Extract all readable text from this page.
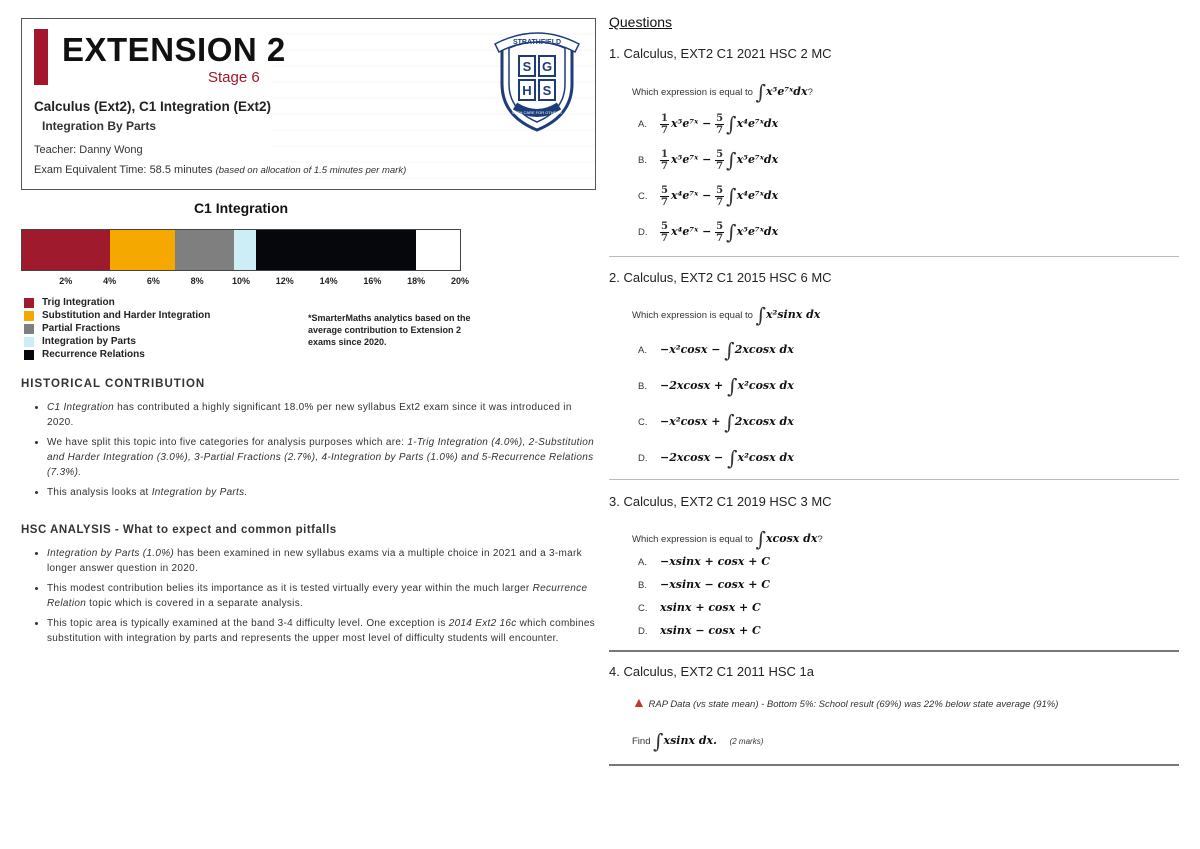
EXTENSION 2
Stage 6
Calculus (Ext2), C1 Integration (Ext2)
Integration By Parts
Teacher: Danny Wong
Exam Equivalent Time: 58.5 minutes (based on allocation of 1.5 minutes per mark)
STRATHFIELD
S G
H S
WITH CARE FOR OTHERS
C1 Integration
2%	4%	6%	8%	10%	12%	14%	16%	18%	20%
Trig Integration
Substitution and Harder Integration
Partial Fractions
Integration by Parts
Recurrence Relations
*SmarterMaths analytics based on the average contribution to Extension 2 exams since 2020.
HISTORICAL CONTRIBUTION
• C1 Integration has contributed a highly significant 18.0% per new syllabus Ext2 exam since it was introduced in 2020.
• We have split this topic into five categories for analysis purposes which are: 1-Trig Integration (4.0%), 2-Substitution and Harder Integration (3.0%), 3-Partial Fractions (2.7%), 4-Integration by Parts (1.0%) and 5-Recurrence Relations (7.3%).
• This analysis looks at Integration by Parts.
HSC ANALYSIS - What to expect and common pitfalls
• Integration by Parts (1.0%) has been examined in new syllabus exams via a multiple choice in 2021 and a 3-mark longer answer question in 2020.
• This modest contribution belies its importance as it is tested virtually every year within the much larger Recurrence Relation topic which is covered in a separate analysis.
• This topic area is typically examined at the band 3-4 difficulty level. One exception is 2014 Ext2 16c which combines substitution with integration by parts and represents the upper most level of difficulty students will encounter.
Questions
1. Calculus, EXT2 C1 2021 HSC 2 MC
Which expression is equal to ∫x⁵e⁷ˣdx?
A. $\frac{1}{7}$ x⁵e⁷ˣ − $\frac{5}{7}$ ∫x⁴e⁷ˣdx
B. $\frac{1}{7}$ x⁵e⁷ˣ − $\frac{5}{7}$ ∫x⁵e⁷ˣdx
C. $\frac{5}{7}$ x⁴e⁷ˣ − $\frac{5}{7}$ ∫x⁴e⁷ˣdx
D. $\frac{5}{7}$ x⁴e⁷ˣ − $\frac{5}{7}$ ∫x⁵e⁷ˣdx
2. Calculus, EXT2 C1 2015 HSC 6 MC
Which expression is equal to ∫x²sinx dx
A. −x²cosx − ∫2xcosx dx
B. −2xcosx + ∫x²cosx dx
C. −x²cosx + ∫2xcosx dx
D. −2xcosx − ∫x²cosx dx
3. Calculus, EXT2 C1 2019 HSC 3 MC
Which expression is equal to ∫xcosx dx?
A. −xsinx + cosx + C
B. −xsinx − cosx + C
C. xsinx + cosx + C
D. xsinx − cosx + C
4. Calculus, EXT2 C1 2011 HSC 1a
▲ RAP Data (vs state mean) - Bottom 5%: School result (69%) was 22% below state average (91%)
Find ∫xsinx dx. (2 marks)
